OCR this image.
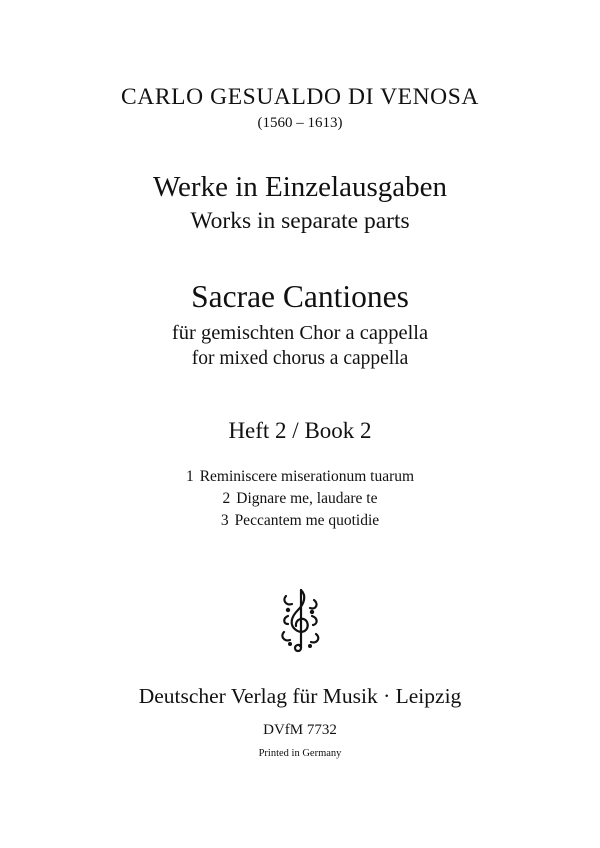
CARLO GESUALDO DI VENOSA
(1560 – 1613)
Werke in Einzelausgaben
Works in separate parts
Sacrae Cantiones
für gemischten Chor a cappella
for mixed chorus a cappella
Heft 2 / Book 2
1 Reminiscere miserationum tuarum
2 Dignare me, laudare te
3 Peccantem me quotidie
Deutscher Verlag für Musik · Leipzig
DVfM 7732
Printed in Germany
